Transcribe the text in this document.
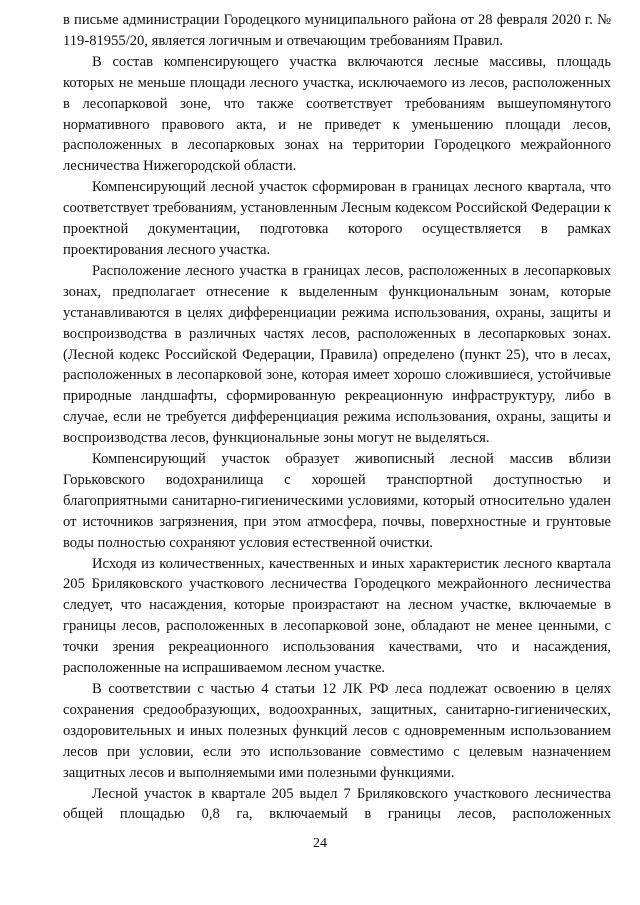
в письме администрации Городецкого муниципального района от 28 февраля 2020 г. № 119-81955/20, является логичным и отвечающим требованиям Правил.

В состав компенсирующего участка включаются лесные массивы, площадь которых не меньше площади лесного участка, исключаемого из лесов, расположенных в лесопарковой зоне, что также соответствует требованиям вышеупомянутого нормативного правового акта, и не приведет к уменьшению площади лесов, расположенных в лесопарковых зонах на территории Городецкого межрайонного лесничества Нижегородской области.

Компенсирующий лесной участок сформирован в границах лесного квартала, что соответствует требованиям, установленным Лесным кодексом Российской Федерации к проектной документации, подготовка которого осуществляется в рамках проектирования лесного участка.

Расположение лесного участка в границах лесов, расположенных в лесопарковых зонах, предполагает отнесение к выделенным функциональным зонам, которые устанавливаются в целях дифференциации режима использования, охраны, защиты и воспроизводства в различных частях лесов, расположенных в лесопарковых зонах. (Лесной кодекс Российской Федерации, Правила) определено (пункт 25), что в лесах, расположенных в лесопарковой зоне, которая имеет хорошо сложившиеся, устойчивые природные ландшафты, сформированную рекреационную инфраструктуру, либо в случае, если не требуется дифференциация режима использования, охраны, защиты и воспроизводства лесов, функциональные зоны могут не выделяться.

Компенсирующий участок образует живописный лесной массив вблизи Горьковского водохранилища с хорошей транспортной доступностью и благоприятными санитарно-гигиеническими условиями, который относительно удален от источников загрязнения, при этом атмосфера, почвы, поверхностные и грунтовые воды полностью сохраняют условия естественной очистки.

Исходя из количественных, качественных и иных характеристик лесного квартала 205 Бриляковского участкового лесничества Городецкого межрайонного лесничества следует, что насаждения, которые произрастают на лесном участке, включаемые в границы лесов, расположенных в лесопарковой зоне, обладают не менее ценными, с точки зрения рекреационного использования качествами, что и насаждения, расположенные на испрашиваемом лесном участке.

В соответствии с частью 4 статьи 12 ЛК РФ леса подлежат освоению в целях сохранения средообразующих, водоохранных, защитных, санитарно-гигиенических, оздоровительных и иных полезных функций лесов с одновременным использованием лесов при условии, если это использование совместимо с целевым назначением защитных лесов и выполняемыми ими полезными функциями.

Лесной участок в квартале 205 выдел 7 Бриляковского участкового лесничества общей площадью 0,8 га, включаемый в границы лесов, расположенных

24
